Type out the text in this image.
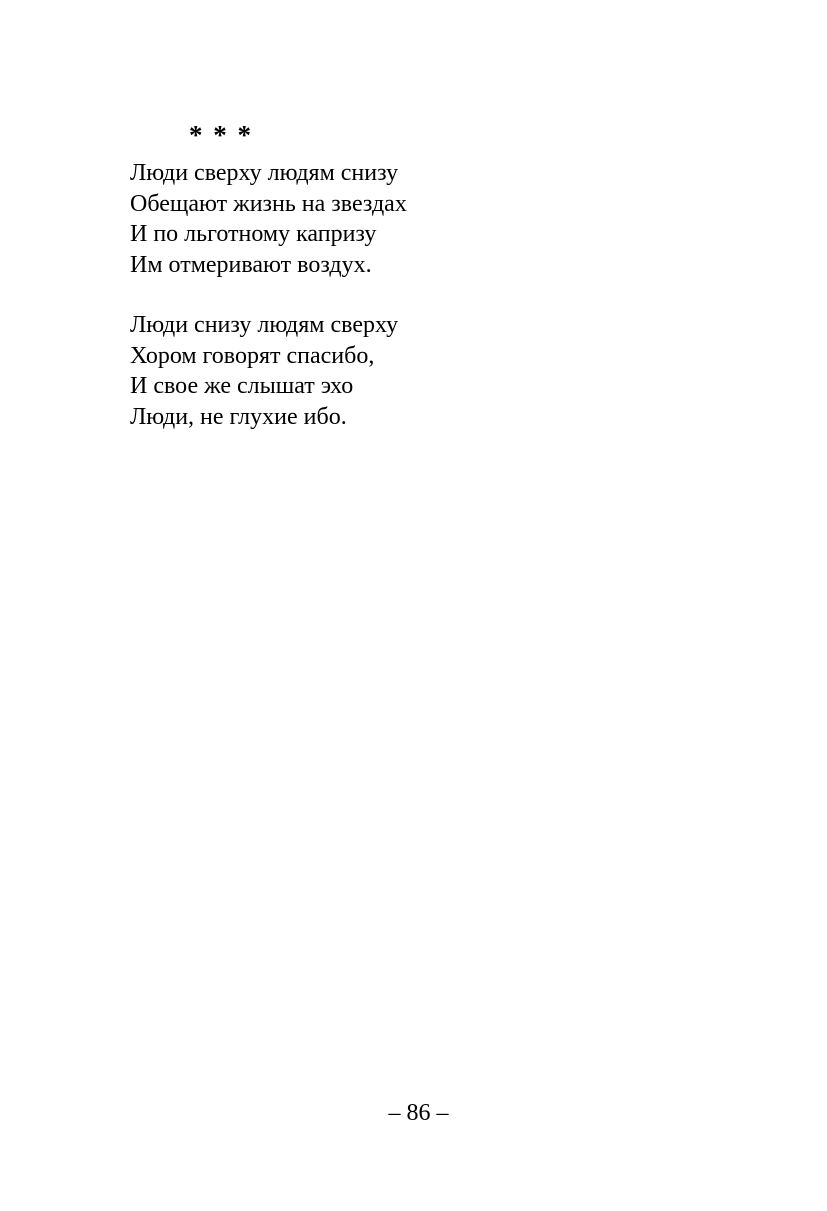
* * *
Люди сверху людям снизу
Обещают жизнь на звездах
И по льготному капризу
Им отмеривают воздух.
Люди снизу людям сверху
Хором говорят спасибо,
И свое же слышат эхо
Люди, не глухие ибо.
– 86 –
